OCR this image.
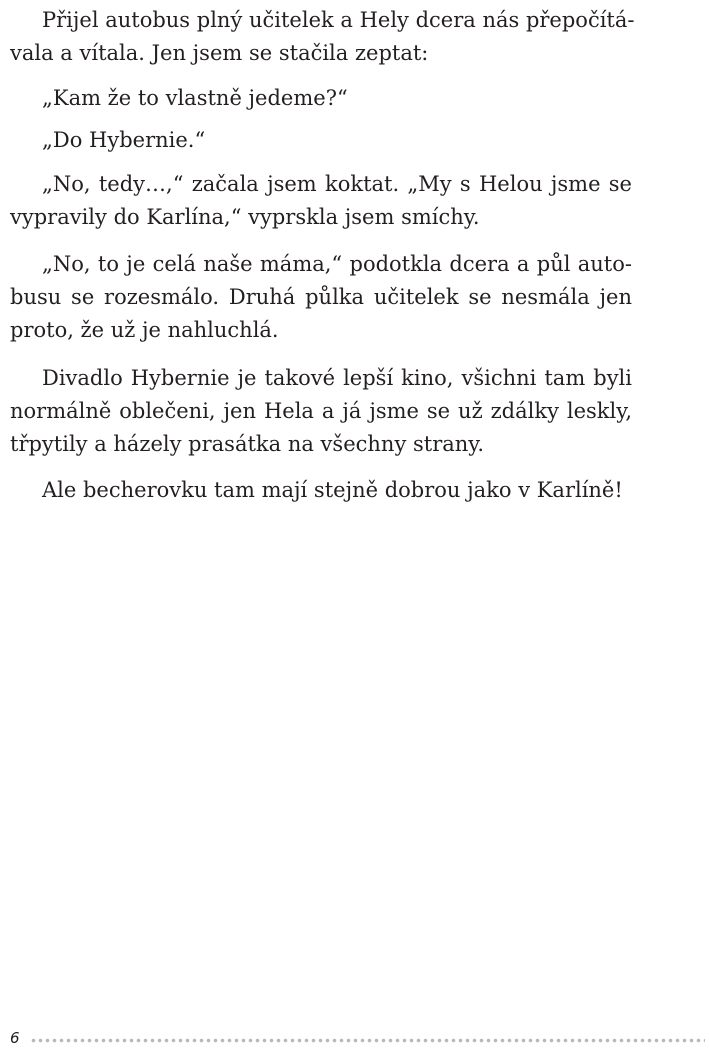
Přijel autobus plný učitelek a Hely dcera nás přepočítá-
vala a vítala. Jen jsem se stačila zeptat:
„Kam že to vlastně jedeme?“
„Do Hybernie.“
„No, tedy…,“ začala jsem koktat. „My s Helou jsme se
vypravily do Karlína,“ vyprskla jsem smíchy.
„No, to je celá naše máma,“ podotkla dcera a půl auto-
busu se rozesmálo. Druhá půlka učitelek se nesmála jen
proto, že už je nahluchlá.
Divadlo Hybernie je takové lepší kino, všichni tam byli
normálně oblečeni, jen Hela a já jsme se už zdálky leskly,
třpytily a házely prasátka na všechny strany.
Ale becherovku tam mají stejně dobrou jako v Karlíně!
6
